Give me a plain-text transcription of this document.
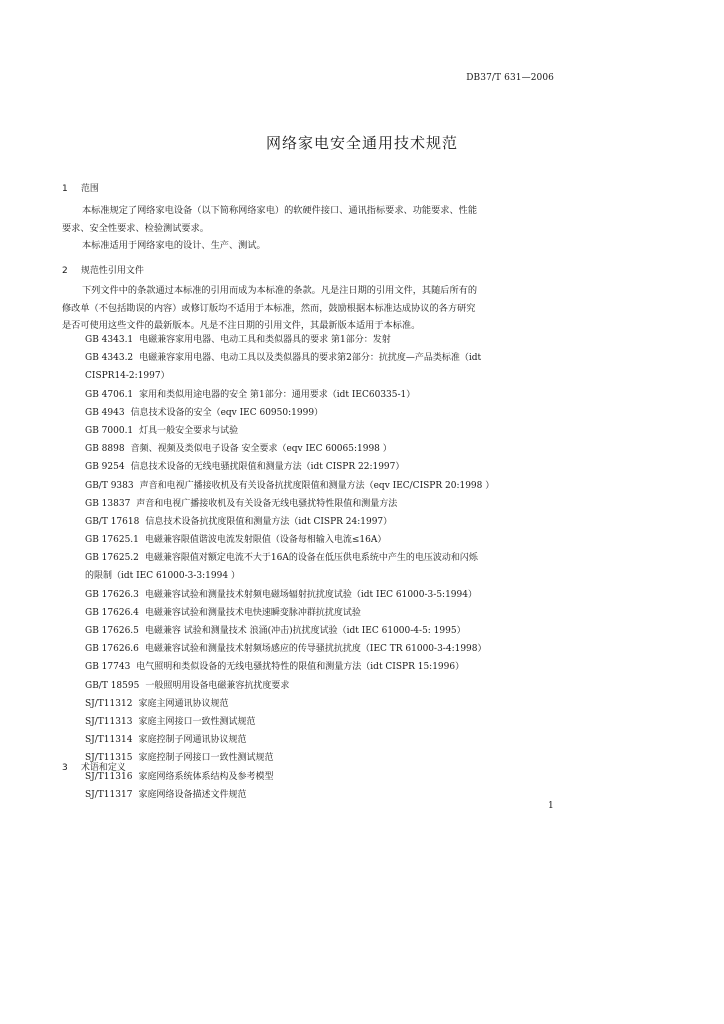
DB37/T 631—2006
网络家电安全通用技术规范
1 范围
本标准规定了网络家电设备（以下简称网络家电）的软硬件接口、通讯指标要求、功能要求、性能
要求、安全性要求、检验测试要求。
本标准适用于网络家电的设计、生产、测试。
2 规范性引用文件
下列文件中的条款通过本标准的引用而成为本标准的条款。凡是注日期的引用文件，其随后所有的
修改单（不包括勘误的内容）或修订版均不适用于本标准，然而，鼓励根据本标准达成协议的各方研究
是否可使用这些文件的最新版本。凡是不注日期的引用文件，其最新版本适用于本标准。
GB 4343.1 电磁兼容家用电器、电动工具和类似器具的要求 第1部分：发射
GB 4343.2 电磁兼容家用电器、电动工具以及类似器具的要求第2部分：抗扰度—产品类标准（idt
CISPR14-2:1997）
GB 4706.1 家用和类似用途电器的安全 第1部分：通用要求（idt IEC60335-1）
GB 4943 信息技术设备的安全（eqv IEC 60950:1999）
GB 7000.1 灯具一般安全要求与试验
GB 8898 音频、视频及类似电子设备 安全要求（eqv IEC 60065:1998 ）
GB 9254 信息技术设备的无线电骚扰限值和测量方法（idt CISPR 22:1997）
GB/T 9383 声音和电视广播接收机及有关设备抗扰度限值和测量方法（eqv IEC/CISPR 20:1998 ）
GB 13837 声音和电视广播接收机及有关设备无线电骚扰特性限值和测量方法
GB/T 17618 信息技术设备抗扰度限值和测量方法（idt CISPR 24:1997）
GB 17625.1 电磁兼容限值谐波电流发射限值（设备每相输入电流≤16A）
GB 17625.2 电磁兼容限值对额定电流不大于16A的设备在低压供电系统中产生的电压波动和闪烁
的限制（idt IEC 61000-3-3:1994 ）
GB 17626.3 电磁兼容试验和测量技术射频电磁场辐射抗扰度试验（idt IEC 61000-3-5:1994）
GB 17626.4 电磁兼容试验和测量技术电快速瞬变脉冲群抗扰度试验
GB 17626.5 电磁兼容 试验和测量技术 浪涌(冲击)抗扰度试验（idt IEC 61000-4-5: 1995）
GB 17626.6 电磁兼容试验和测量技术射频场感应的传导骚扰抗扰度（IEC TR 61000-3-4:1998）
GB 17743 电气照明和类似设备的无线电骚扰特性的限值和测量方法（idt CISPR 15:1996）
GB/T 18595 一般照明用设备电磁兼容抗扰度要求
SJ/T11312 家庭主网通讯协议规范
SJ/T11313 家庭主网接口一致性测试规范
SJ/T11314 家庭控制子网通讯协议规范
SJ/T11315 家庭控制子网接口一致性测试规范
SJ/T11316 家庭网络系统体系结构及参考模型
SJ/T11317 家庭网络设备描述文件规范
3 术语和定义
1
